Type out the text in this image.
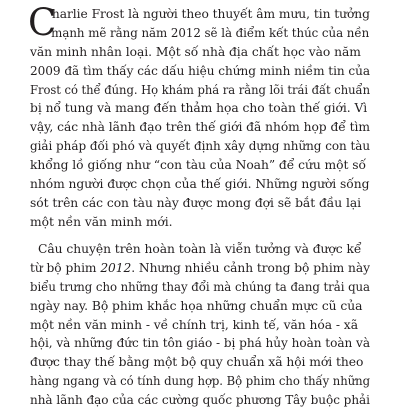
C
harlie Frost là người theo thuyết âm mưu, tin tưởng
mạnh mẽ rằng năm 2012 sẽ là điểm kết thúc của nền
văn minh nhân loại. Một số nhà địa chất học vào năm
2009 đã tìm thấy các dấu hiệu chứng minh niềm tin của
Frost có thể đúng. Họ khám phá ra rằng lõi trái đất chuẩn
bị nổ tung và mang đến thảm họa cho toàn thế giới. Vì
vậy, các nhà lãnh đạo trên thế giới đã nhóm họp để tìm
giải pháp đối phó và quyết định xây dựng những con tàu
khổng lồ giống như “con tàu của Noah” để cứu một số
nhóm người được chọn của thế giới. Những người sống
sót trên các con tàu này được mong đợi sẽ bắt đầu lại
một nền văn minh mới.
Câu chuyện trên hoàn toàn là viễn tưởng và được kể
từ bộ phim 2012. Nhưng nhiều cảnh trong bộ phim này
biểu trưng cho những thay đổi mà chúng ta đang trải qua
ngày nay. Bộ phim khắc họa những chuẩn mực cũ của
một nền văn minh - về chính trị, kinh tế, văn hóa - xã
hội, và những đức tin tôn giáo - bị phá hủy hoàn toàn và
được thay thế bằng một bộ quy chuẩn xã hội mới theo
hàng ngang và có tính dung hợp. Bộ phim cho thấy những
nhà lãnh đạo của các cường quốc phương Tây buộc phải
